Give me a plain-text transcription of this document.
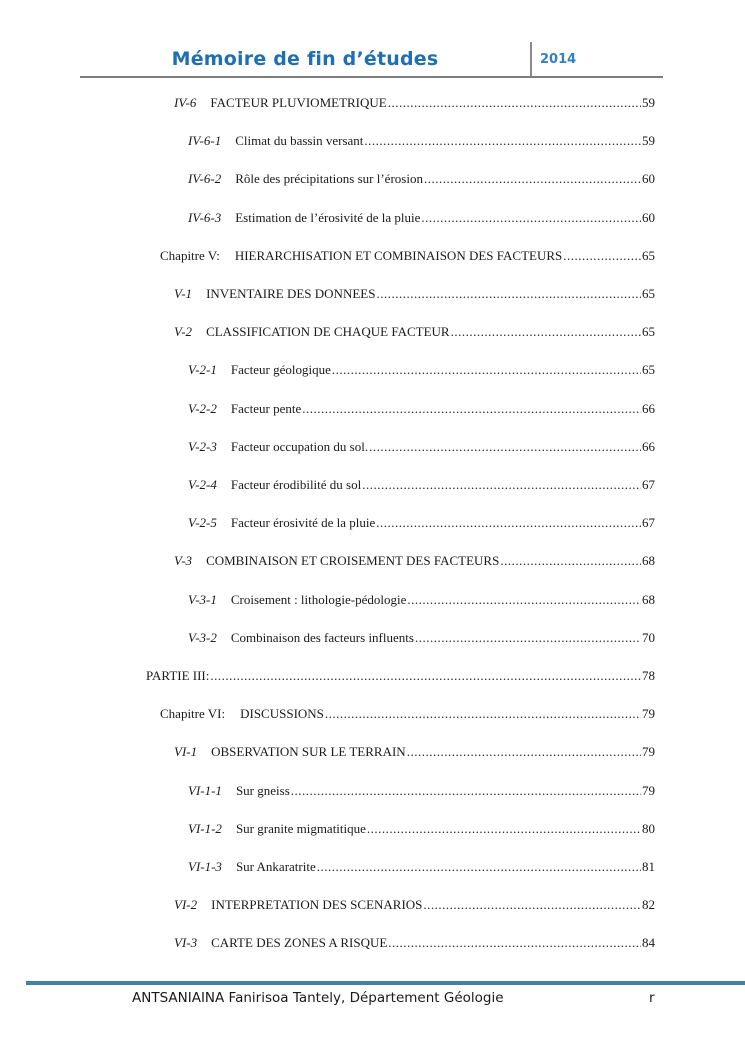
Mémoire de fin d’études	2014
IV-6 FACTEUR PLUVIOMETRIQUE .....	59
IV-6-1 Climat du bassin versant .....	59
IV-6-2 Rôle des précipitations sur l’érosion .....	60
IV-6-3 Estimation de l’érosivité de la pluie .....	60
Chapitre V: HIERARCHISATION ET COMBINAISON DES FACTEURS .....	65
V-1 INVENTAIRE DES DONNEES .....	65
V-2 CLASSIFICATION DE CHAQUE FACTEUR .....	65
V-2-1 Facteur géologique .....	65
V-2-2 Facteur pente .....	66
V-2-3 Facteur occupation du sol. .....	66
V-2-4 Facteur érodibilité du sol .....	67
V-2-5 Facteur érosivité de la pluie .....	67
V-3 COMBINAISON ET CROISEMENT DES FACTEURS .....	68
V-3-1 Croisement : lithologie-pédologie .....	68
V-3-2 Combinaison des facteurs influents .....	70
PARTIE III: .....	78
Chapitre VI: DISCUSSIONS .....	79
VI-1 OBSERVATION SUR LE TERRAIN .....	79
VI-1-1 Sur gneiss .....	79
VI-1-2 Sur granite migmatitique .....	80
VI-1-3 Sur Ankaratrite .....	81
VI-2 INTERPRETATION DES SCENARIOS .....	82
VI-3 CARTE DES ZONES A RISQUE .....	84
ANTSANIAINA Fanirisoa Tantely, Département Géologie	r
